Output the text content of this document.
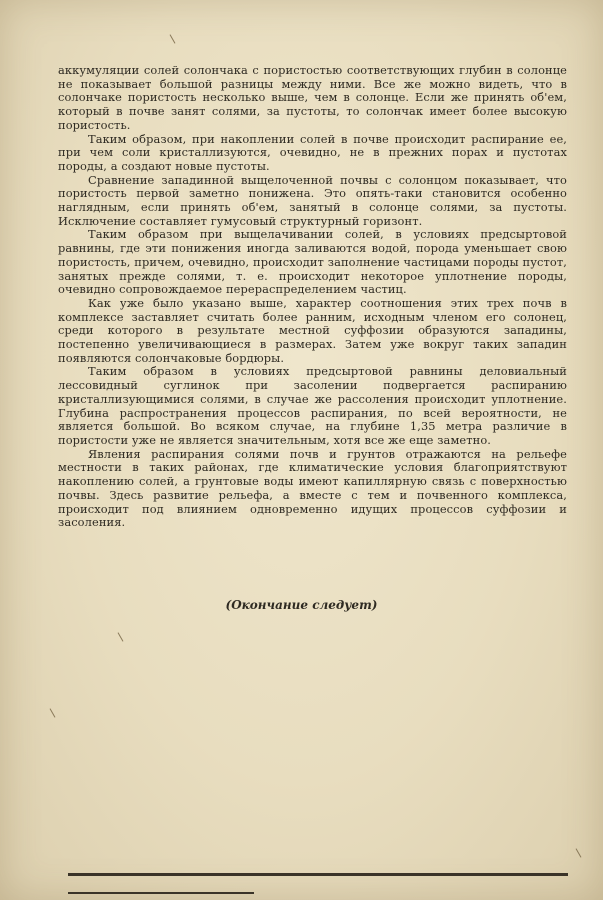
аккумуляции солей солончака с пористостью соответствующих глубин в солонце не показывает большой разницы между ними. Все же можно видеть, что в солончаке пористость несколько выше, чем в солонце. Если же принять об'ем, который в почве занят солями, за пустоты, то солончак имеет более высокую пористость.

Таким образом, при накоплении солей в почве происходит распирание ее, при чем соли кристаллизуются, очевидно, не в прежних порах и пустотах породы, а создают новые пустоты.

Сравнение западинной выщелоченной почвы с солонцом показывает, что пористость первой заметно понижена. Это опять-таки становится особенно наглядным, если принять об'ем, занятый в солонце солями, за пустоты. Исключение составляет гумусовый структурный горизонт.

Таким образом при выщелачивании солей, в условиях предсыртовой равнины, где эти понижения иногда заливаются водой, порода уменьшает свою пористость, причем, очевидно, происходит заполнение частицами породы пустот, занятых прежде солями, т. е. происходит некоторое уплотнение породы, очевидно сопровождаемое перераспределением частиц.

Как уже было указано выше, характер соотношения этих трех почв в комплексе заставляет считать более ранним, исходным членом его солонец, среди которого в результате местной суффозии образуются западины, постепенно увеличивающиеся в размерах. Затем уже вокруг таких западин появляются солончаковые бордюры.

Таким образом в условиях предсыртовой равнины деловиальный лессовидный суглинок при засолении подвергается распиранию кристаллизующимися солями, в случае же рассоления происходит уплотнение. Глубина распространения процессов распирания, по всей вероятности, не является большой. Во всяком случае, на глубине 1,35 метра различие в пористости уже не является значительным, хотя все же еще заметно.

Явления распирания солями почв и грунтов отражаются на рельефе местности в таких районах, где климатические условия благоприятствуют накоплению солей, а грунтовые воды имеют капиллярную связь с поверхностью почвы. Здесь развитие рельефа, а вместе с тем и почвенного комплекса, происходит под влиянием одновременно идущих процессов суффозии и засоления.

(Окончание следует)
